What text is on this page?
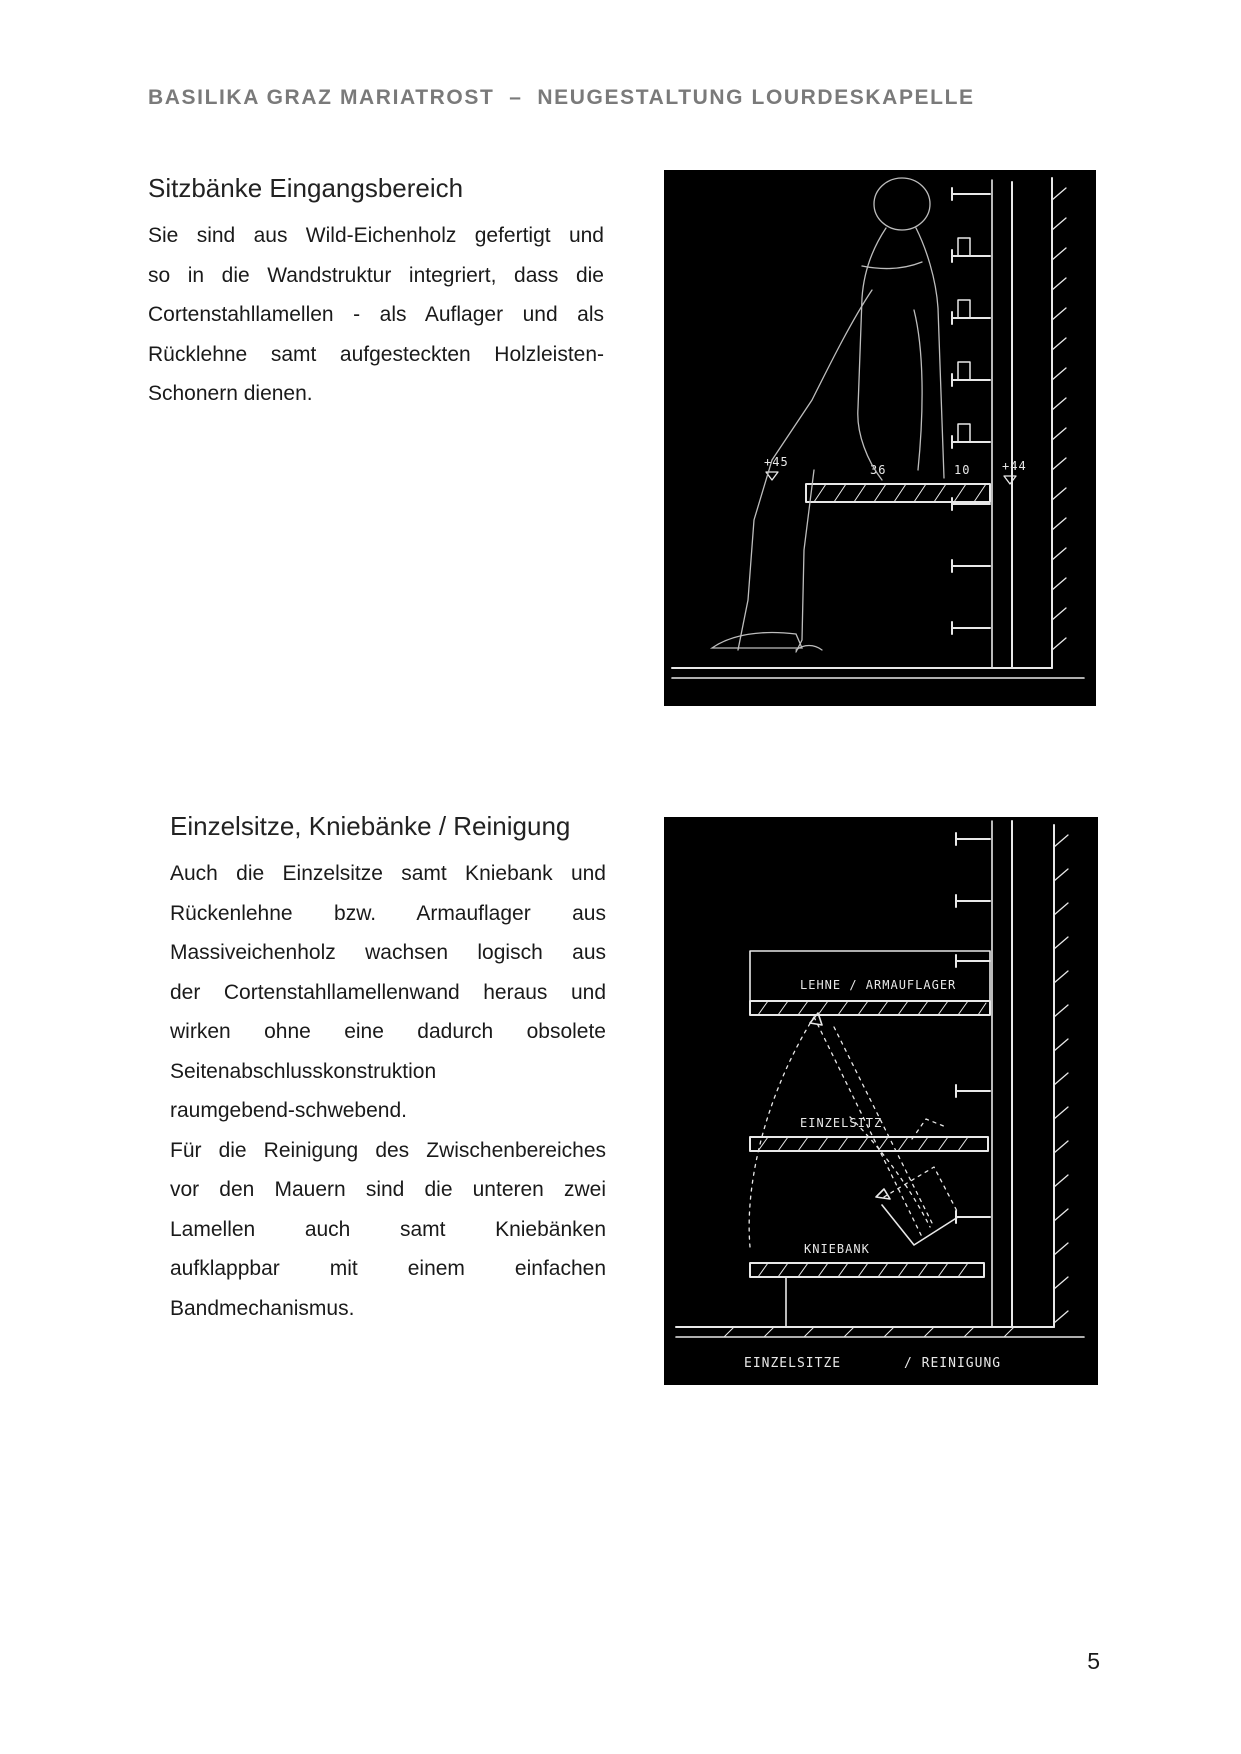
BASILIKA GRAZ MARIATROST – NEUGESTALTUNG LOURDESKAPELLE
Sitzbänke Eingangsbereich

Sie sind aus Wild-Eichenholz gefertigt und

so in die Wandstruktur integriert, dass die

Cortenstahllamellen - als Auflager und als

Rücklehne samt aufgesteckten Holzleisten-

Schonern dienen.

+45
36	10	+44
Einzelsitze, Kniebänke / Reinigung

Auch die Einzelsitze samt Kniebank und

Rückenlehne bzw. Armauflager aus

Massiveichenholz wachsen logisch aus

der Cortenstahllamellenwand heraus und

wirken ohne eine dadurch obsolete

Seitenabschlusskonstruktion

raumgebend-schwebend.

Für die Reinigung des Zwischenbereiches

vor den Mauern sind die unteren zwei

Lamellen auch samt Kniebänken

aufklappbar mit einem einfachen

Bandmechanismus.

LEHNE / ARMAUFLAGER
EINZELSITZ
KNIEBANK
EINZELSITZE	/ REINIGUNG
5
